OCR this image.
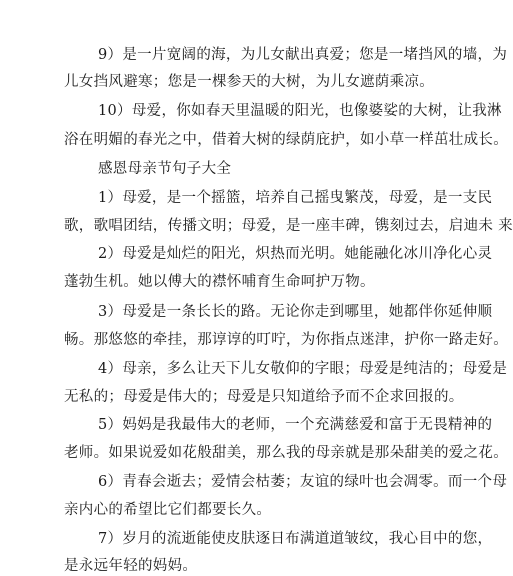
9）是一片宽阔的海，为儿女献出真爱；您是一堵挡风的墙，为
儿女挡风避寒；您是一棵参天的大树，为儿女遮荫乘凉。
10）母爱，你如春天里温暖的阳光，也像婆娑的大树，让我淋
浴在明媚的春光之中，借着大树的绿荫庇护，如小草一样茁壮成长。
感恩母亲节句子大全
1）母爱，是一个摇篮，培养自己摇曳繁茂，母爱，是一支民
歌，歌唱团结，传播文明；母爱，是一座丰碑，镌刻过去，启迪未 来
2）母爱是灿烂的阳光，炽热而光明。她能融化冰川净化心灵
蓬勃生机。她以傅大的襟怀哺育生命呵护万物。
3）母爱是一条长长的路。无论你走到哪里，她都伴你延伸顺
畅。那悠悠的牵挂，那谆谆的叮咛，为你指点迷津，护你一路走好。
4）母亲，多么让天下儿女敬仰的字眼；母爱是纯洁的；母爱是
无私的；母爱是伟大的；母爱是只知道给予而不企求回报的。
5）妈妈是我最伟大的老师，一个充满慈爱和富于无畏精神的
老师。如果说爱如花般甜美，那么我的母亲就是那朵甜美的爱之花。
6）青春会逝去；爱情会枯萎；友谊的绿叶也会凋零。而一个母
亲内心的希望比它们都要长久。
7）岁月的流逝能使皮肤逐日布满道道皱纹，我心目中的您，
是永远年轻的妈妈。
